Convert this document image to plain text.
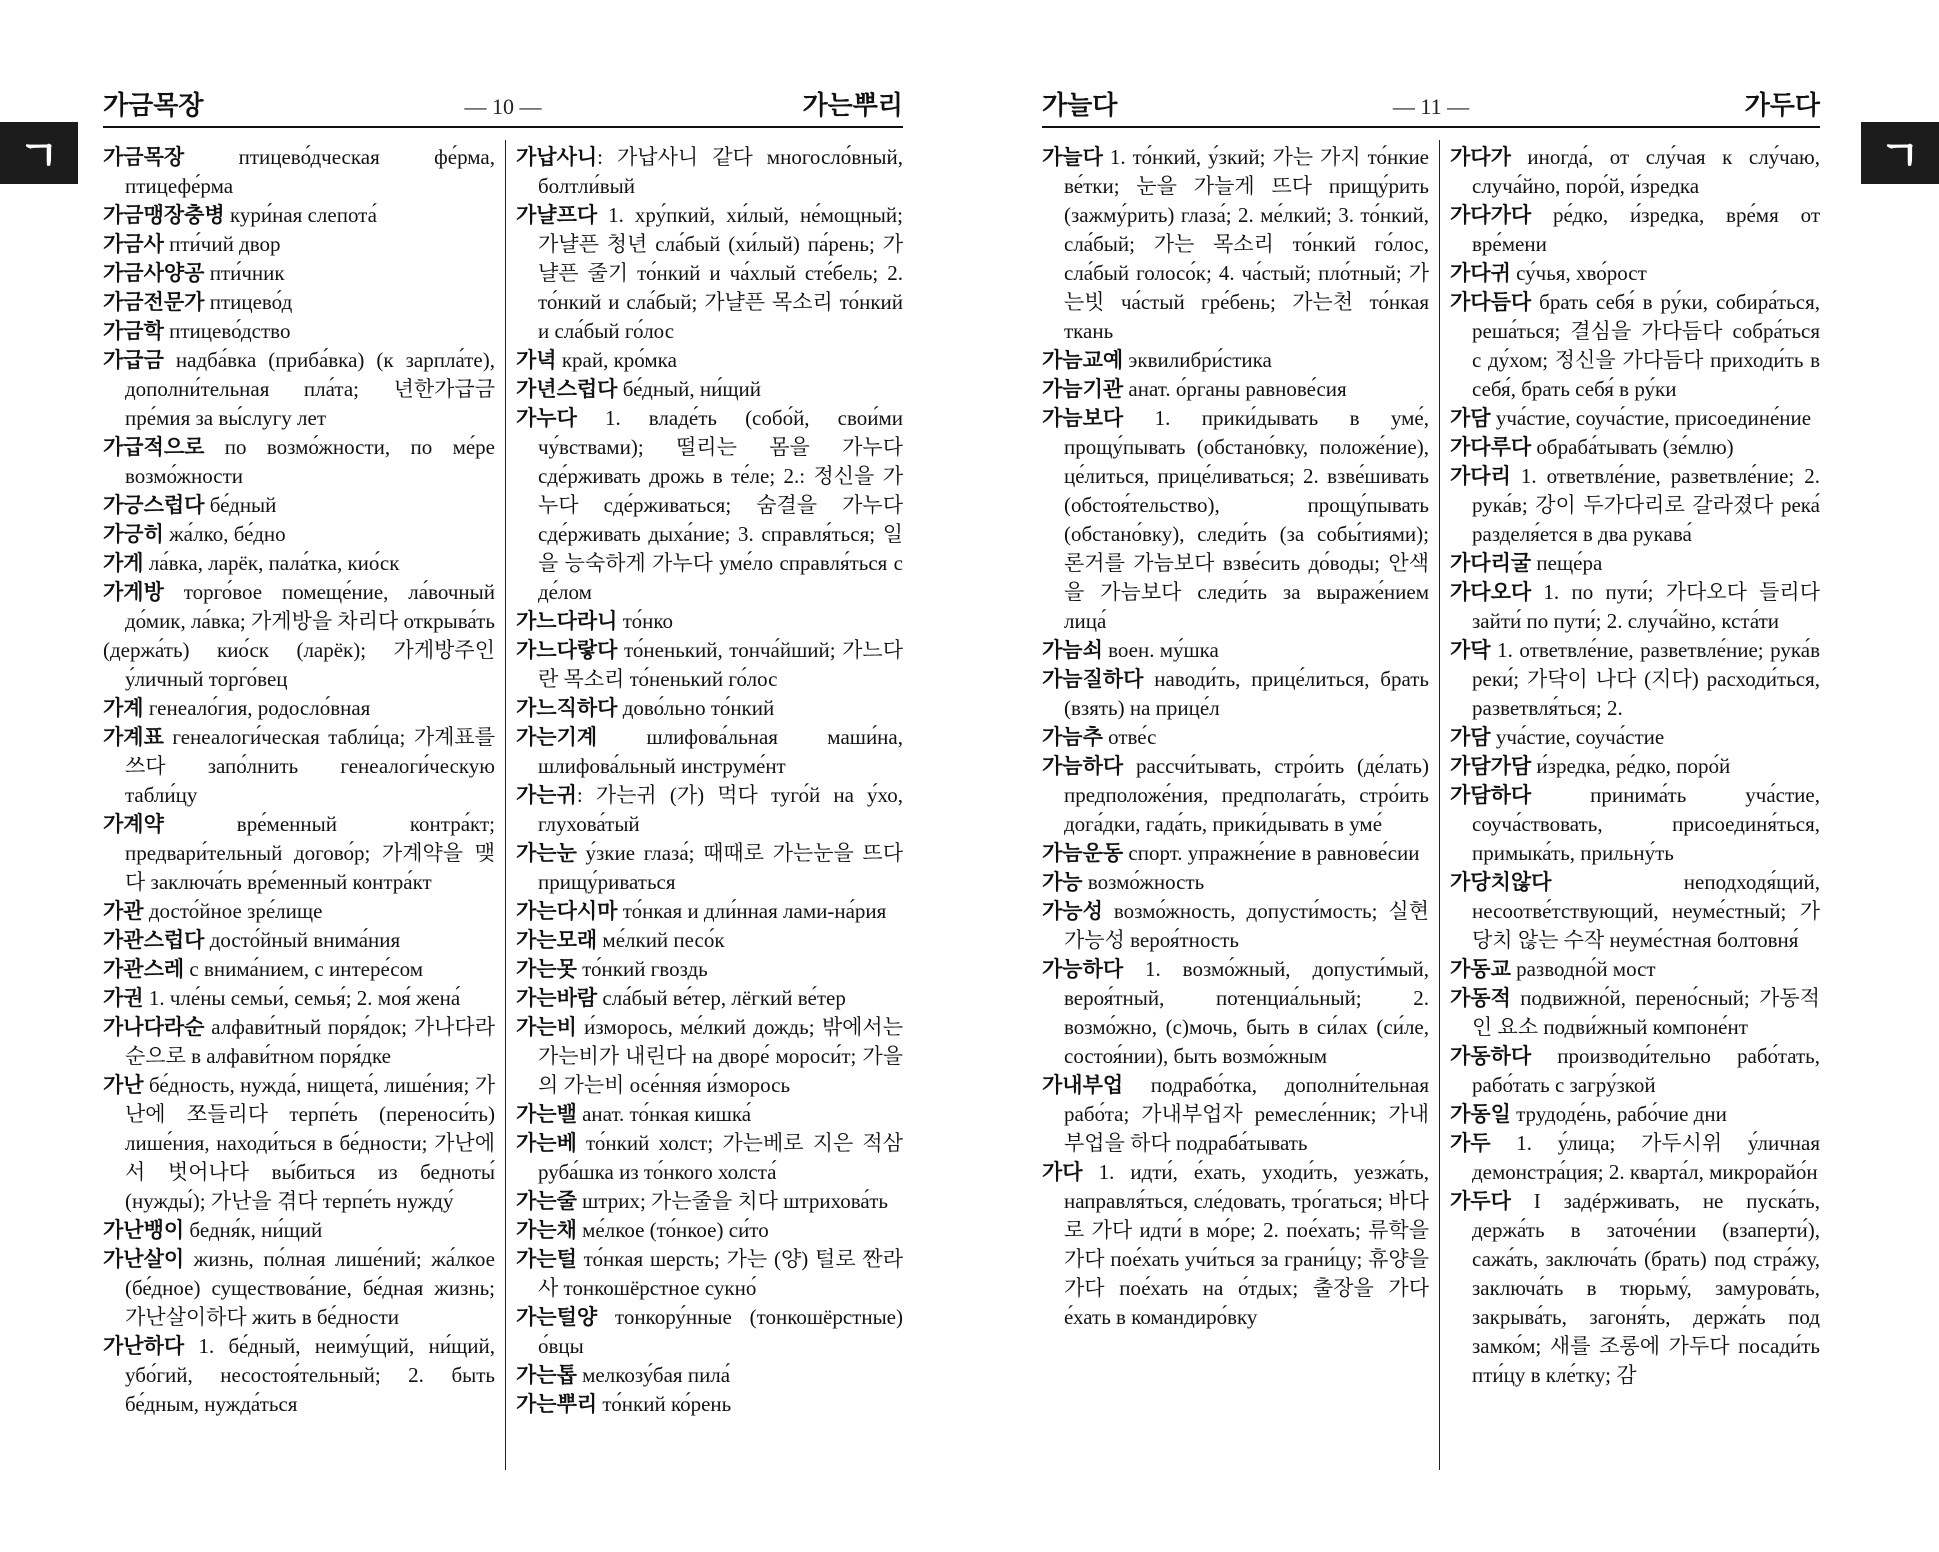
가금목장	— 10 —	가는뿌리
ㄱ 가금목장 птицево́дческая фе́рма, птицефе́рма

가금맹장충병 кури́ная слепота́

가금사 пти́чий двор

가금사양공 пти́чник

가금전문가 птицево́д

가금학 птицево́дство

가급금 надба́вка (приба́вка) (к зарпла́те), дополни́тельная пла́та; 년한가급금 пре́мия за вы́слугу лет

가급적으로 по возмо́жности, по ме́ре возмо́жности

가긍스럽다 бе́дный

가긍히 жа́лко, бе́дно

가게 ла́вка, ларёк, пала́тка, кио́ск

가게방 торго́вое помеще́ние, ла́вочный до́мик, ла́вка; 가게방을 차리다 открыва́ть

(держа́ть) кио́ск (ларёк); 가게방주인 у́личный торго́вец

가계 генеало́гия, родосло́вная

가계표 генеалоги́ческая табли́ца; 가계표를 쓰다 запо́лнить генеалоги́ческую табли́цу

가계약 вре́менный контра́кт; предвари́тельный догово́р; 가계약을 맺다 заключа́ть вре́менный контра́кт

가관 досто́йное зре́лище

가관스럽다 досто́йный внима́ния

가관스레 с внима́нием, с интере́сом

가권 1. чле́ны семьи́, семья́; 2. моя́ жена́

가나다라순 алфави́тный поря́док; 가나다라순으로 в алфави́тном поря́дке

가난 бе́дность, нужда́, нищета́, лише́ния; 가난에 쪼들리다 терпе́ть (переноси́ть) лише́ния, находи́ться в бе́дности; 가난에서 벗어나다 вы́биться из бедноты́ (нужды́); 가난을 겪다 терпе́ть нужду́

가난뱅이 бедня́к, ни́щий

가난살이 жизнь, по́лная лише́ний; жа́лкое (бе́дное) существова́ние, бе́дная жизнь; 가난살이하다 жить в бе́дности

가난하다 1. бе́дный, неиму́щий, ни́щий, убо́гий, несостоя́тельный; 2. быть бе́дным, нужда́ться

가납사니: 가납사니 같다 многосло́вный, болтли́вый

가냘프다 1. хру́пкий, хи́лый, не́мощный; 가냘픈 청년 сла́бый (хи́лый) па́рень; 가냘픈 줄기 то́нкий и ча́хлый сте́бель; 2. то́нкий и сла́бый; 가냘픈 목소리 то́нкий и сла́бый го́лос

가녁 край, кро́мка

가년스럽다 бе́дный, ни́щий

가누다 1. владе́ть (собо́й, свои́ми чу́вствами); 떨리는 몸을 가누다 сде́рживать дрожь в те́ле; 2.: 정신을 가누다 сде́рживаться; 숨결을 가누다 сде́рживать дыха́ние; 3. справля́ться; 일을 능숙하게 가누다 уме́ло справля́ться с де́лом

가느다라니 то́нко

가느다랗다 то́ненький, тонча́йший; 가느다란 목소리 то́ненький го́лос

가느직하다 дово́льно то́нкий

가는기계 шлифова́льная маши́на, шлифова́льный инструме́нт

가는귀: 가는귀 (가) 먹다 туго́й на у́хо, глухова́тый

가는눈 у́зкие глаза́; 때때로 가는눈을 뜨다 прищу́риваться

가는다시마 то́нкая и дли́нная лами-на́рия

가는모래 ме́лкий песо́к

가는못 то́нкий гвоздь

가는바람 сла́бый ве́тер, лёгкий ве́тер

가는비 и́зморось, ме́лкий дождь; 밖에서는 가는비가 내린다 на дворе́ мороси́т; 가을의 가는비 осе́нняя и́зморось

가는밸 анат. то́нкая кишка́

가는베 то́нкий холст; 가는베로 지은 적삼 руба́шка из то́нкого холста́

가는줄 штрих; 가는줄을 치다 штрихова́ть

가는채 ме́лкое (то́нкое) си́то

가는털 то́нкая шерсть; 가는 (양) 털로 짠라사 тонкошёрстное сукно́

가는털양 тонкору́нные (тонкошёрстные) о́вцы

가는톱 мелкозу́бая пила́

가는뿌리 то́нкий ко́рень

가늘다	— 11 —	가두다
ㄱ

가늘다 1. то́нкий, у́зкий; 가는 가지 то́нкие ве́тки; 눈을 가늘게 뜨다 прищу́рить (зажму́рить) глаза́; 2. ме́лкий; 3. то́нкий, сла́бый; 가는 목소리 то́нкий го́лос, сла́бый голосо́к; 4. ча́стый; пло́тный; 가는빗 ча́стый гре́бень; 가는천 то́нкая ткань

가늠교예 эквилибри́стика

가늠기관 анат. о́рганы равнове́сия

가늠보다 1. прики́дывать в уме́, прощу́пывать (обстано́вку, положе́ние), це́литься, прице́ливаться; 2. взве́шивать (обстоя́тельство), прощу́пывать (обстано́вку), следи́ть (за собы́тиями); 론거를 가늠보다 взве́сить до́воды; 안색을 가늠보다 следи́ть за выраже́нием лица́

가늠쇠 воен. му́шка

가늠질하다 наводи́ть, прице́литься, брать (взять) на прице́л

가늠추 отве́с

가늠하다 рассчи́тывать, стро́ить (де́лать) предположе́ния, предполага́ть, стро́ить дога́дки, гада́ть, прики́дывать в уме́

가늠운동 спорт. упражне́ние в равнове́сии

가능 возмо́жность

가능성 возмо́жность, допусти́мость; 실현가능성 вероя́тность

가능하다 1. возмо́жный, допусти́мый, вероя́тный, потенциа́льный; 2. возмо́жно, (с)мочь, быть в си́лах (си́ле, состоя́нии), быть возмо́жным

가내부업 подрабо́тка, дополни́тельная рабо́та; 가내부업자 ремесле́нник; 가내부업을 하다 подраба́тывать

가다 1. идти́, е́хать, уходи́ть, уезжа́ть, направля́ться, сле́довать, тро́гаться; 바다로 가다 идти́ в мо́ре; 2. пое́хать; 류학을 가다 пое́хать учи́ться за грани́цу; 휴양을 가다 пое́хать на о́тдых; 출장을 가다 е́хать в командиро́вку

가다가 иногда́, от слу́чая к слу́чаю, случа́йно, поро́й, и́зредка

가다가다 ре́дко, и́зредка, вре́мя от вре́мени

가다귀 су́чья, хво́рост

가다듬다 брать себя́ в ру́ки, собира́ться, реша́ться; 결심을 가다듬다 собра́ться с ду́хом; 정신을 가다듬다 приходи́ть в себя́, брать себя́ в ру́ки

가담 уча́стие, соуча́стие, присоедине́ние

가다루다 обраба́тывать (зе́млю)

가다리 1. ответвле́ние, разветвле́ние; 2. рука́в; 강이 두가다리로 갈라졌다 река́ разделя́ется в два рукава́

가다리굴 пеще́ра

가다오다 1. по пути́; 가다오다 들리다 зайти́ по пути́; 2. случа́йно, кста́ти

가닥 1. ответвле́ние, разветвле́ние; рука́в реки́; 가닥이 나다 (지다) расходи́ться, разветвля́ться; 2.

가담 уча́стие, соуча́стие

가담가담 и́зредка, ре́дко, поро́й

가담하다 принима́ть уча́стие, соуча́ствовать, присоединя́ться, примыка́ть, прильну́ть

가당치않다 неподходя́щий, несоотве́тствующий, неуме́стный; 가당치 않는 수작 неуме́стная болтовня́

가동교 разводно́й мост

가동적 подвижно́й, перено́сный; 가동적인 요소 подви́жный компоне́нт

가동하다 производи́тельно рабо́тать, рабо́тать с загру́зкой

가동일 трудоде́нь, рабо́чие дни

가두 1. у́лица; 가두시위 у́личная демонстра́ция; 2. кварта́л, микрорайо́н

가두다 I задéрживать, не пуска́ть, держа́ть в заточе́нии (взаперти́), сажа́ть, заключа́ть (брать) под стра́жу, заключа́ть в тюрьму́, замурова́ть, закрыва́ть, загоня́ть, держа́ть под замко́м; 새를 조롱에 가두다 посади́ть пти́цу в кле́тку; 감
